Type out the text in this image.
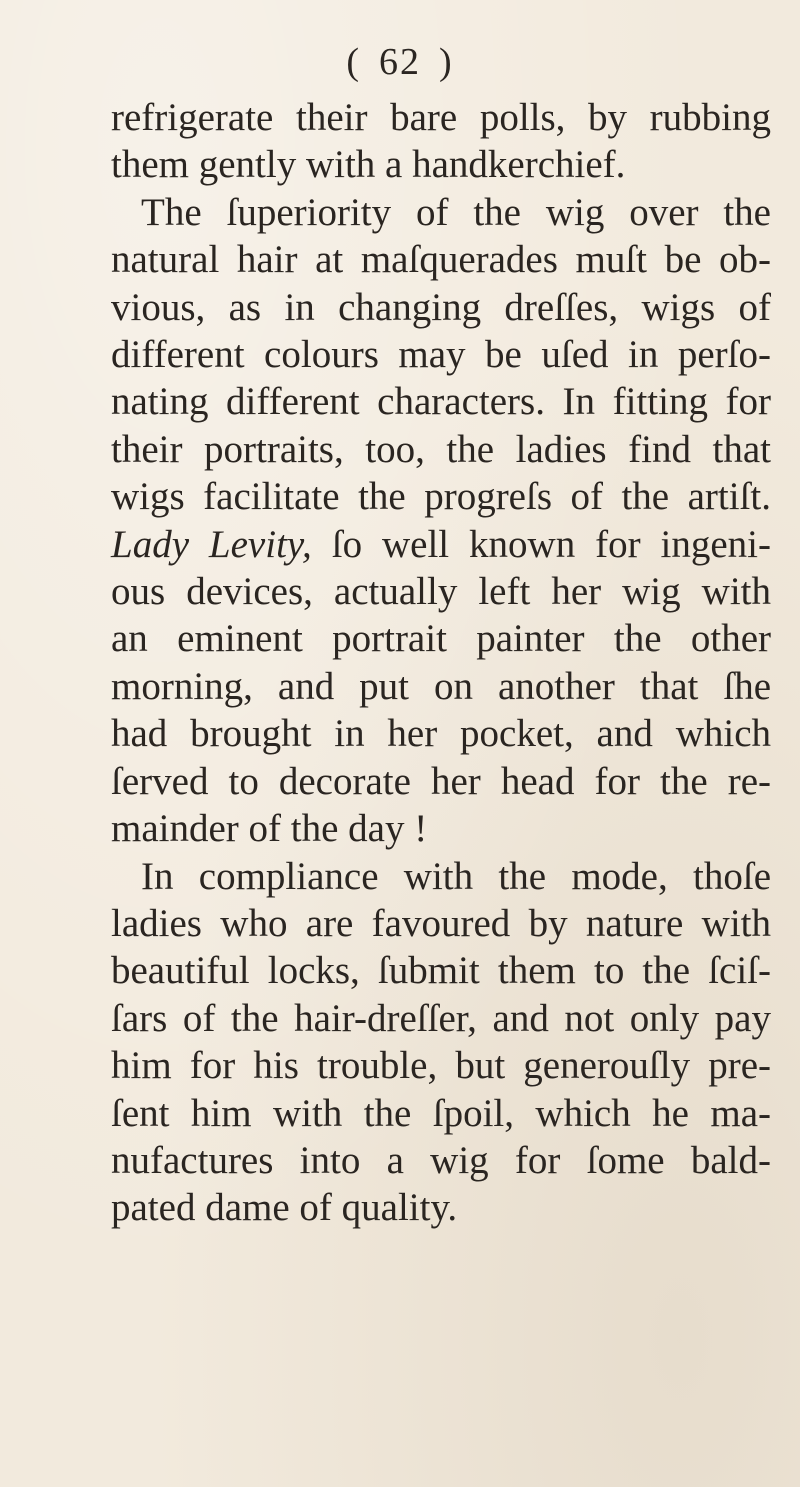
( 62 )
refrigerate their bare polls, by rubbing
them gently with a handkerchief.
The ſuperiority of the wig over the
natural hair at maſquerades muſt be ob-
vious, as in changing dreſſes, wigs of
different colours may be uſed in perſo-
nating different characters. In fitting for
their portraits, too, the ladies find that
wigs facilitate the progreſs of the artiſt.
Lady Levity, ſo well known for ingeni-
ous devices, actually left her wig with
an eminent portrait painter the other
morning, and put on another that ſhe
had brought in her pocket, and which
ſerved to decorate her head for the re-
mainder of the day !
In compliance with the mode, thoſe
ladies who are favoured by nature with
beautiful locks, ſubmit them to the ſciſ-
ſars of the hair-dreſſer, and not only pay
him for his trouble, but generouſly pre-
ſent him with the ſpoil, which he ma-
nufactures into a wig for ſome bald-
pated dame of quality.
